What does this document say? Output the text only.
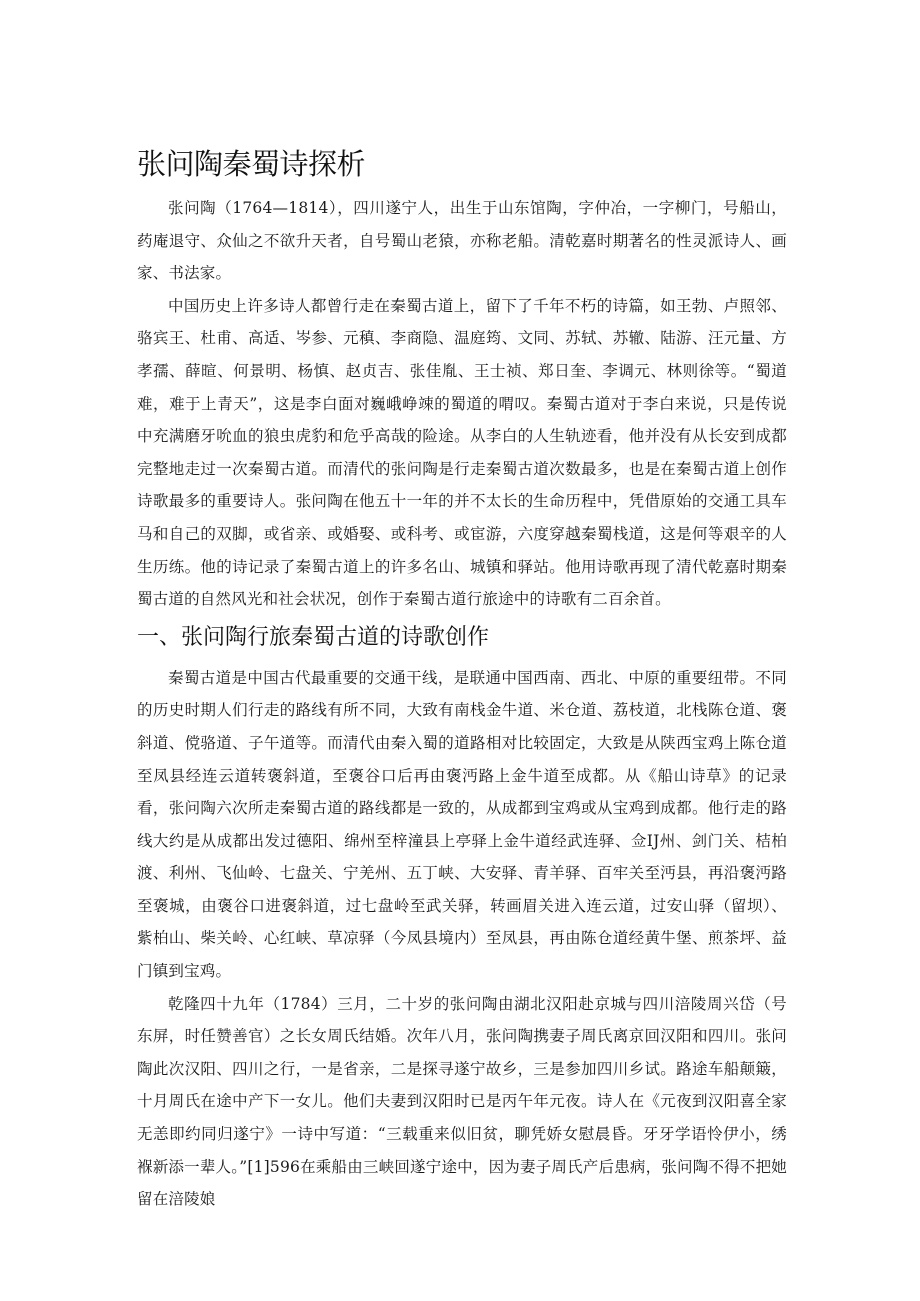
张问陶秦蜀诗探析

张问陶（1764—1814），四川遂宁人，出生于山东馆陶，字仲冶，一字柳门，号船山，药庵退守、众仙之不欲升天者，自号蜀山老猿，亦称老船。清乾嘉时期著名的性灵派诗人、画家、书法家。

中国历史上许多诗人都曾行走在秦蜀古道上，留下了千年不朽的诗篇，如王勃、卢照邻、骆宾王、杜甫、高适、岑参、元稹、李商隐、温庭筠、文同、苏轼、苏辙、陆游、汪元量、方孝孺、薛暄、何景明、杨慎、赵贞吉、张佳胤、王士祯、郑日奎、李调元、林则徐等。“蜀道难，难于上青天”，这是李白面对巍峨峥竦的蜀道的喟叹。秦蜀古道对于李白来说，只是传说中充满磨牙吮血的狼虫虎豹和危乎高哉的险途。从李白的人生轨迹看，他并没有从长安到成都完整地走过一次秦蜀古道。而清代的张问陶是行走秦蜀古道次数最多，也是在秦蜀古道上创作诗歌最多的重要诗人。张问陶在他五十一年的并不太长的生命历程中，凭借原始的交通工具车马和自己的双脚，或省亲、或婚娶、或科考、或宦游，六度穿越秦蜀栈道，这是何等艰辛的人生历练。他的诗记录了秦蜀古道上的许多名山、城镇和驿站。他用诗歌再现了清代乾嘉时期秦蜀古道的自然风光和社会状况，创作于秦蜀古道行旅途中的诗歌有二百余首。

一、张问陶行旅秦蜀古道的诗歌创作

秦蜀古道是中国古代最重要的交通干线，是联通中国西南、西北、中原的重要纽带。不同的历史时期人们行走的路线有所不同，大致有南栈金牛道、米仓道、荔枝道，北栈陈仓道、褒斜道、傥骆道、子午道等。而清代由秦入蜀的道路相对比较固定，大致是从陕西宝鸡上陈仓道至凤县经连云道转褒斜道，至褒谷口后再由褒沔路上金牛道至成都。从《船山诗草》的记录看，张问陶六次所走秦蜀古道的路线都是一致的，从成都到宝鸡或从宝鸡到成都。他行走的路线大约是从成都出发过德阳、绵州至梓潼县上亭驿上金牛道经武连驿、佥IJ州、剑门关、桔柏渡、利州、飞仙岭、七盘关、宁羌州、五丁峡、大安驿、青羊驿、百牢关至沔县，再沿褒沔路至褒城，由褒谷口进褒斜道，过七盘岭至武关驿，转画眉关进入连云道，过安山驿（留坝）、紫柏山、柴关岭、心红峡、草凉驿（今凤县境内）至凤县，再由陈仓道经黄牛堡、煎茶坪、益门镇到宝鸡。

乾隆四十九年（1784）三月，二十岁的张问陶由湖北汉阳赴京城与四川涪陵周兴岱（号东屏，时任赞善官）之长女周氏结婚。次年八月，张问陶携妻子周氏离京回汉阳和四川。张问陶此次汉阳、四川之行，一是省亲，二是探寻遂宁故乡，三是参加四川乡试。路途车船颠簸，十月周氏在途中产下一女儿。他们夫妻到汉阳时已是丙午年元夜。诗人在《元夜到汉阳喜全家无恙即约同归遂宁》一诗中写道：“三载重来似旧贫，聊凭娇女慰晨昏。牙牙学语怜伊小，绣褓新添一辈人。”[1]596在乘船由三峡回遂宁途中，因为妻子周氏产后患病，张问陶不得不把她留在涪陵娘
